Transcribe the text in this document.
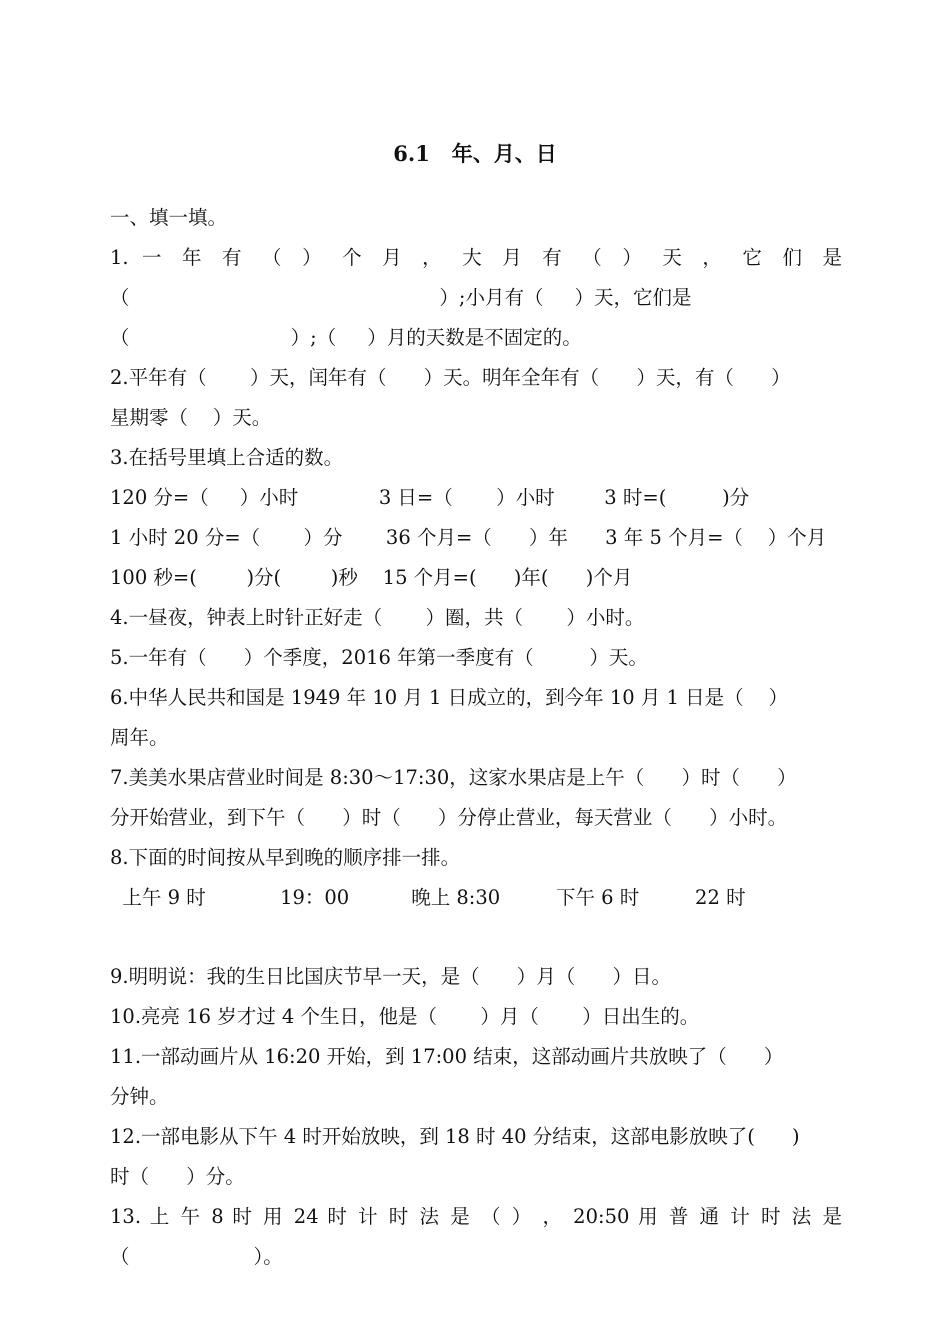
6.1   年、月、日
一、填一填。
1. 一 年 有 （ ） 个 月 ， 大 月 有 （ ） 天 ， 它 们 是
（                                                  ）;小月有（     ）天，它们是
（                          ）;（     ）月的天数是不固定的。
2.平年有（       ）天，闰年有（      ）天。明年全年有（      ）天，有（      ）
星期零（    ）天。
3.在括号里填上合适的数。
120 分=（     ）小时             3 日=（       ）小时        3 时=(         )分
1 小时 20 分=（       ）分       36 个月=（      ）年      3 年 5 个月=（    ）个月
100 秒=(        )分(        )秒    15 个月=(      )年(      )个月
4.一昼夜，钟表上时针正好走（       ）圈，共（       ）小时。
5.一年有（      ）个季度，2016 年第一季度有（         ）天。
6.中华人民共和国是 1949 年 10 月 1 日成立的，到今年 10 月 1 日是（    ）
周年。
7.美美水果店营业时间是 8:30～17:30，这家水果店是上午（      ）时（      ）
分开始营业，到下午（      ）时（      ）分停止营业，每天营业（      ）小时。
8.下面的时间按从早到晚的顺序排一排。
上午 9 时            19：00          晚上 8:30         下午 6 时         22 时
9.明明说：我的生日比国庆节早一天，是（      ）月（      ）日。
10.亮亮 16 岁才过 4 个生日，他是（       ）月（       ）日出生的。
11.一部动画片从 16:20 开始，到 17:00 结束，这部动画片共放映了（      ）
分钟。
12.一部电影从下午 4 时开始放映，到 18 时 40 分结束，这部电影放映了(      )
时（      ）分。
13. 上 午 8 时 用 24 时 计 时 法 是 （ ） ， 20:50 用 普 通 计 时 法 是
（                    ）。
